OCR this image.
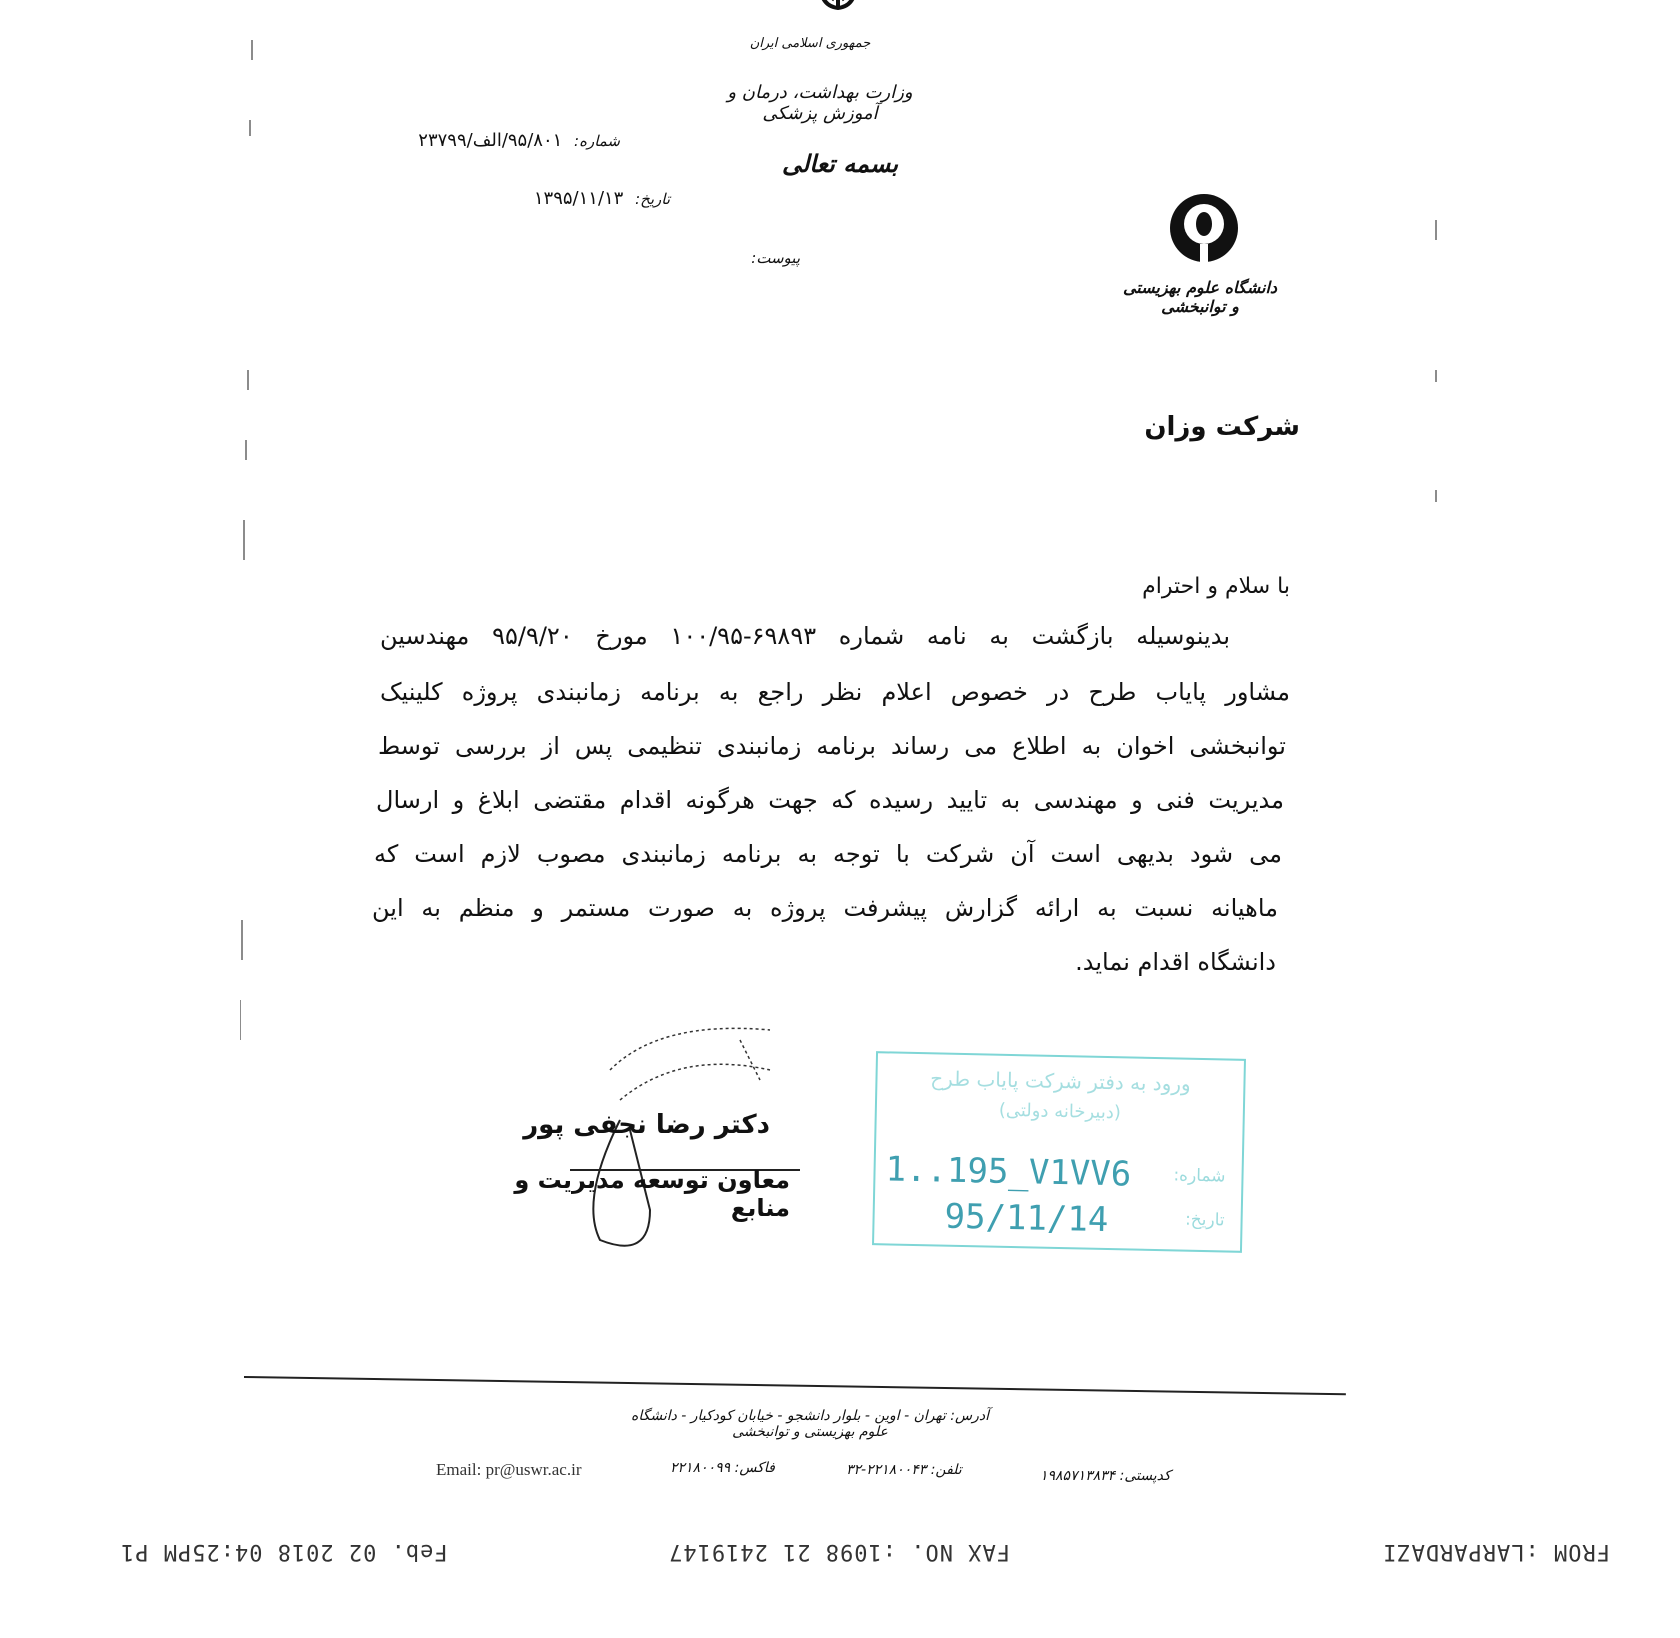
جمهوری اسلامی ایران
وزارت بهداشت، درمان و آموزش پزشکی
بسمه تعالی
شماره: ۹۵/۸۰۱/الف/۲۳۷۹۹
تاریخ: ۱۳۹۵/۱۱/۱۳
پیوست:
دانشگاه علوم بهزیستی و توانبخشی
شرکت وزان
با سلام و احترام
بدینوسیله بازگشت به نامه شماره ۶۹۸۹۳-۱۰۰/۹۵ مورخ ۹۵/۹/۲۰ مهندسین
مشاور پایاب طرح در خصوص اعلام نظر راجع به برنامه زمانبندی پروژه کلینیک
توانبخشی اخوان به اطلاع می رساند برنامه زمانبندی تنظیمی پس از بررسی توسط
مدیریت فنی و مهندسی به تایید رسیده که جهت هرگونه اقدام مقتضی ابلاغ و ارسال
می شود بدیهی است آن شرکت با توجه به برنامه زمانبندی مصوب لازم است که
ماهیانه نسبت به ارائه گزارش پیشرفت پروژه به صورت مستمر و منظم به این
دانشگاه اقدام نماید.
دکتر رضا نجفی پور
معاون توسعه مدیریت و منابع
ورود به دفتر شرکت پایاب طرح
(دبیرخانه دولتی)
شماره:
1..195_V1VV6
تاریخ:
95/11/14
آدرس: تهران - اوین - بلوار دانشجو - خیابان کودکیار - دانشگاه علوم بهزیستی و توانبخشی
Email: pr@uswr.ac.ir	فاکس: ۲۲۱۸۰۰۹۹	تلفن: ۲۲۱۸۰۰۴۳-۳۲	کدپستی: ۱۹۸۵۷۱۳۸۳۴
FROM :LARPARDAZI
FAX NO. :1098 21 2419147
Feb. 02 2018 04:25PM P1
